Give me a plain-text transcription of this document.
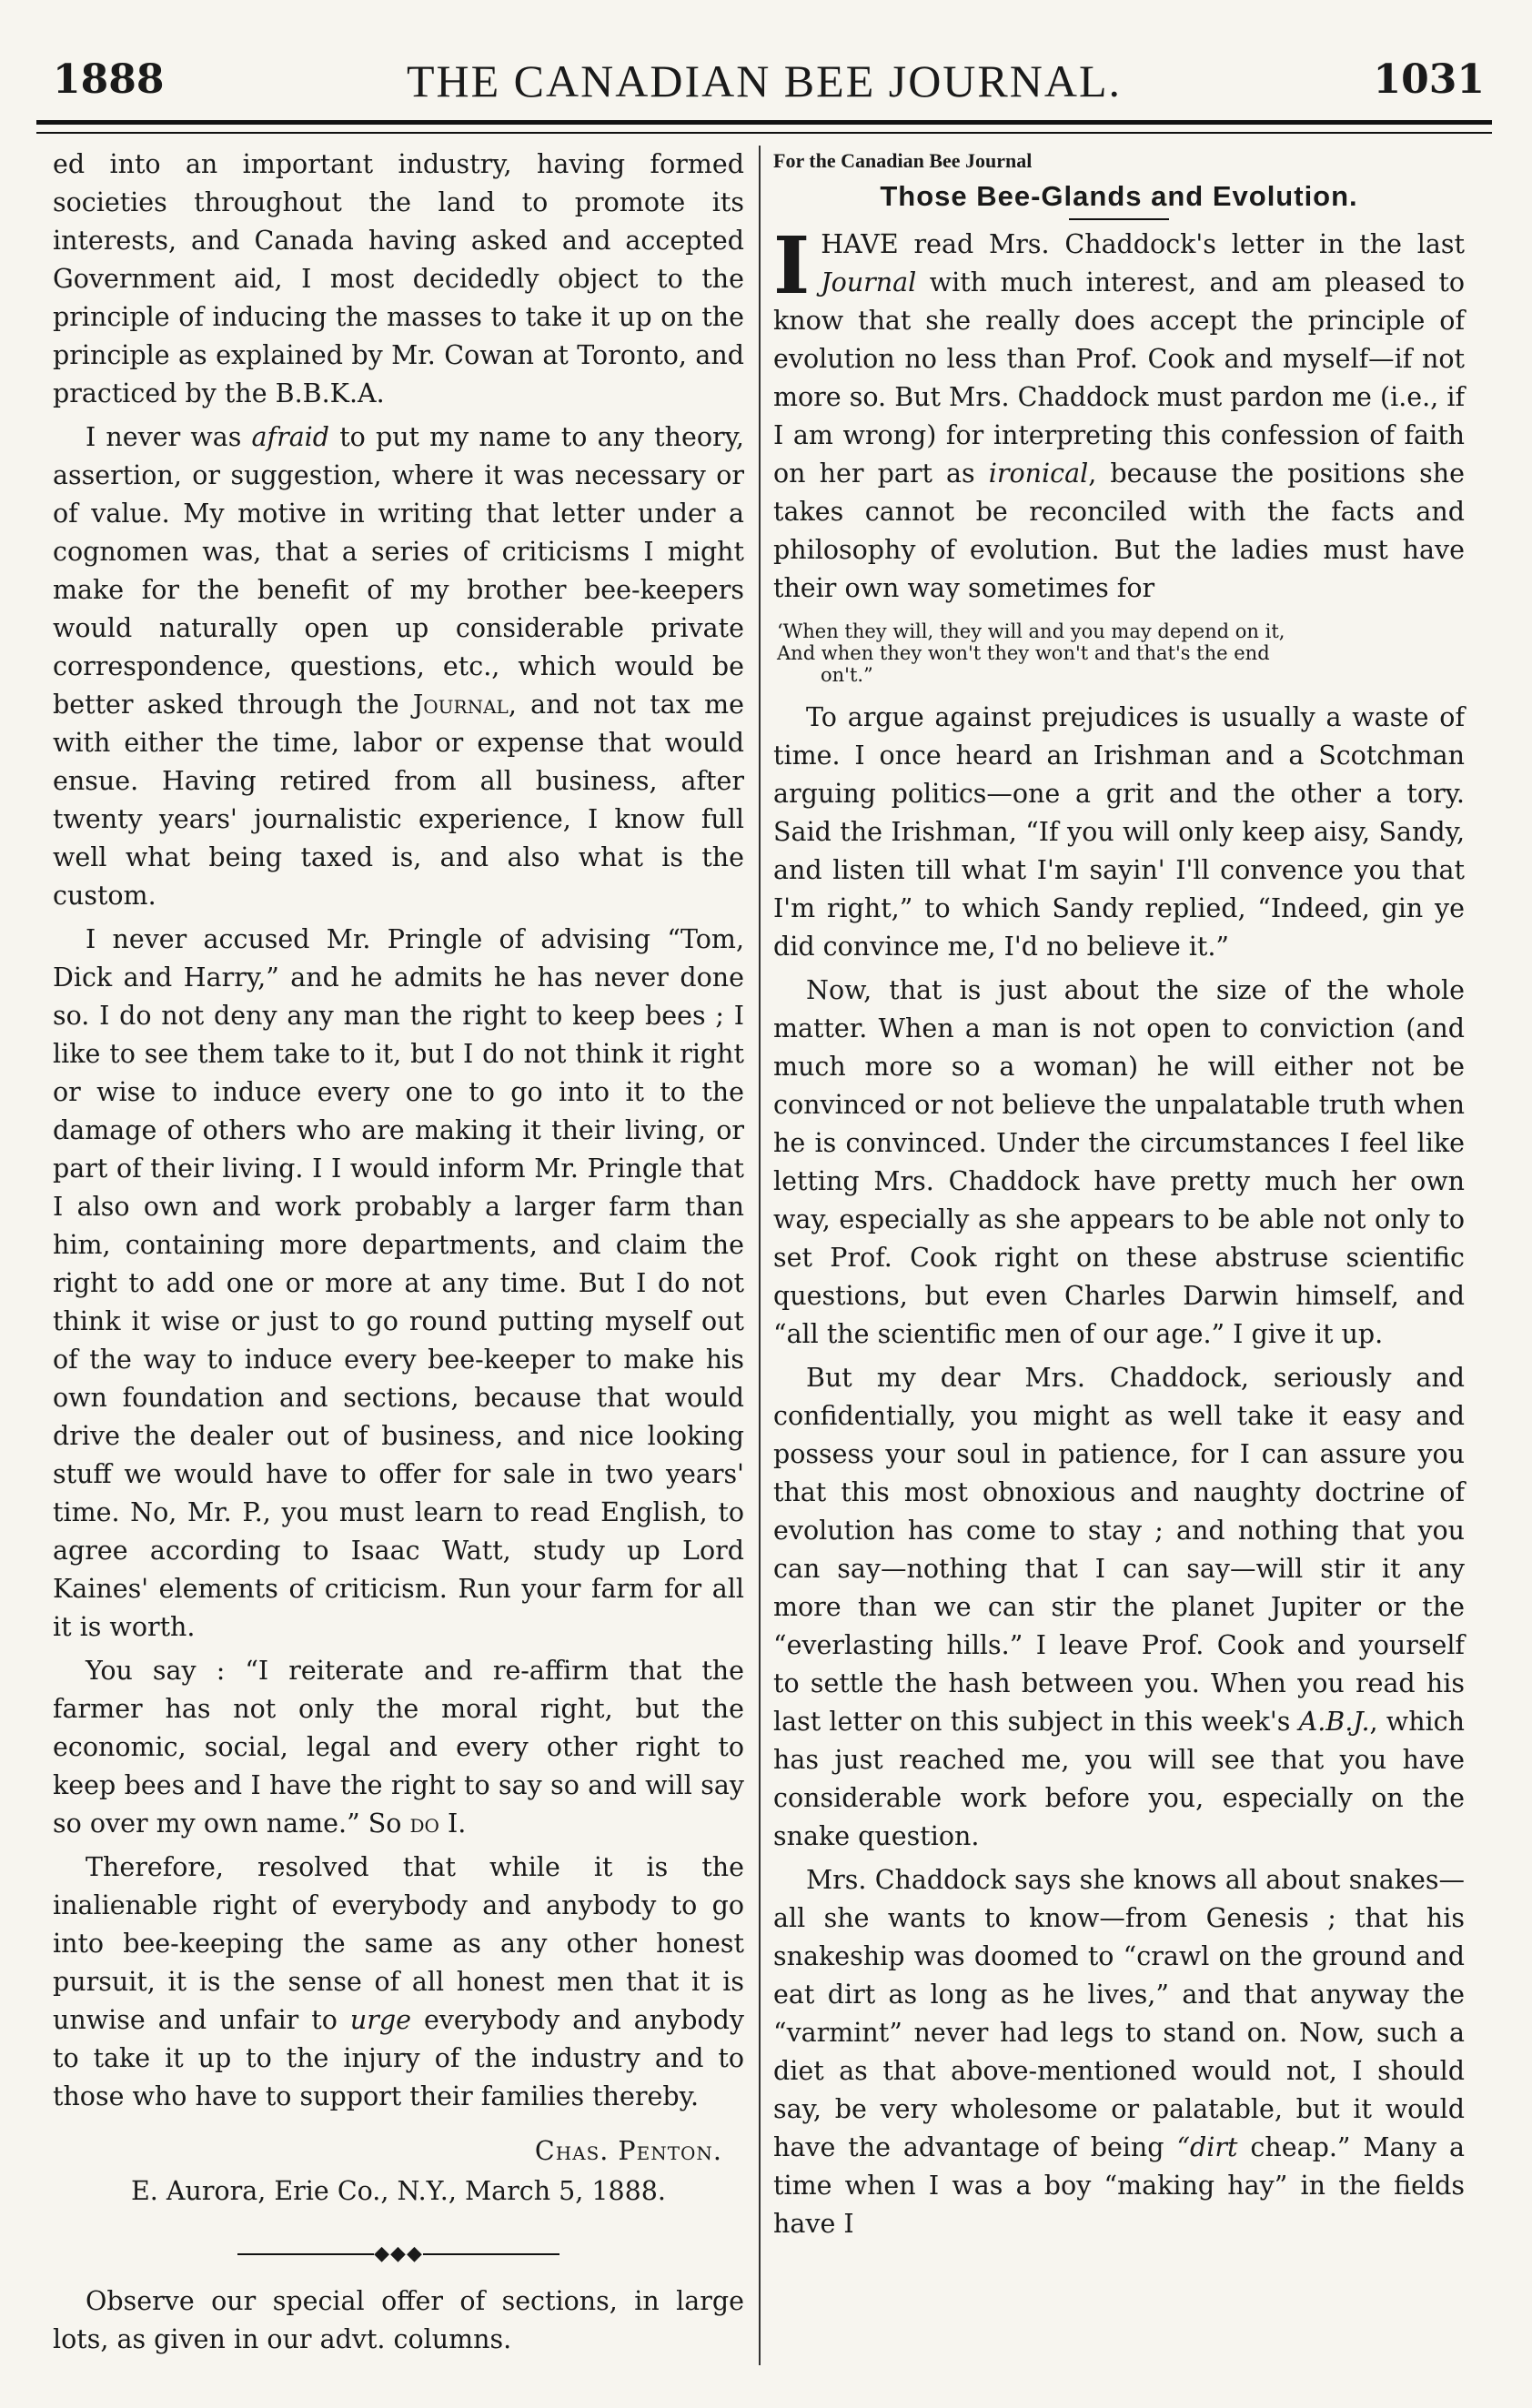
1888	THE CANADIAN BEE JOURNAL.	1031

ed into an important industry, having formed societies throughout the land to promote its interests, and Canada having asked and accepted Government aid, I most decidedly object to the principle of inducing the masses to take it up on the principle as explained by Mr. Cowan at Toronto, and practiced by the B.B.K.A.

I never was afraid to put my name to any theory, assertion, or suggestion, where it was necessary or of value. My motive in writing that letter under a cognomen was, that a series of criticisms I might make for the benefit of my brother bee-keepers would naturally open up considerable private correspondence, questions, etc., which would be better asked through the Journal, and not tax me with either the time, labor or expense that would ensue. Having retired from all business, after twenty years' journalistic experience, I know full well what being taxed is, and also what is the custom.

I never accused Mr. Pringle of advising “Tom, Dick and Harry,” and he admits he has never done so. I do not deny any man the right to keep bees ; I like to see them take to it, but I do not think it right or wise to induce every one to go into it to the damage of others who are making it their living, or part of their living. I I would inform Mr. Pringle that I also own and work probably a larger farm than him, containing more departments, and claim the right to add one or more at any time. But I do not think it wise or just to go round putting myself out of the way to induce every bee-keeper to make his own foundation and sections, because that would drive the dealer out of business, and nice looking stuff we would have to offer for sale in two years' time. No, Mr. P., you must learn to read English, to agree according to Isaac Watt, study up Lord Kaines' elements of criticism. Run your farm for all it is worth.

You say : “I reiterate and re-affirm that the farmer has not only the moral right, but the economic, social, legal and every other right to keep bees and I have the right to say so and will say so over my own name.” So do I.

Therefore, resolved that while it is the inalienable right of everybody and anybody to go into bee-keeping the same as any other honest pursuit, it is the sense of all honest men that it is unwise and unfair to urge everybody and anybody to take it up to the injury of the industry and to those who have to support their families thereby.

Chas. Penton.
E. Aurora, Erie Co., N.Y., March 5, 1888.
◆◆◆

Observe our special offer of sections, in large lots, as given in our advt. columns.

For the Canadian Bee Journal
Those Bee-Glands and Evolution.

IHAVE read Mrs. Chaddock's letter in the last Journal with much interest, and am pleased to know that she really does accept the principle of evolution no less than Prof. Cook and myself—if not more so. But Mrs. Chaddock must pardon me (i.e., if I am wrong) for interpreting this confession of faith on her part as ironical, because the positions she takes cannot be reconciled with the facts and philosophy of evolution. But the ladies must have their own way sometimes for

‘When they will, they will and you may depend on it,
And when they won't they won't and that's the end
on't.”

To argue against prejudices is usually a waste of time. I once heard an Irishman and a Scotchman arguing politics—one a grit and the other a tory. Said the Irishman, “If you will only keep aisy, Sandy, and listen till what I'm sayin' I'll convence you that I'm right,” to which Sandy replied, “Indeed, gin ye did convince me, I'd no believe it.”

Now, that is just about the size of the whole matter. When a man is not open to conviction (and much more so a woman) he will either not be convinced or not believe the unpalatable truth when he is convinced. Under the circumstances I feel like letting Mrs. Chaddock have pretty much her own way, especially as she appears to be able not only to set Prof. Cook right on these abstruse scientific questions, but even Charles Darwin himself, and “all the scientific men of our age.” I give it up.

But my dear Mrs. Chaddock, seriously and confidentially, you might as well take it easy and possess your soul in patience, for I can assure you that this most obnoxious and naughty doctrine of evolution has come to stay ; and nothing that you can say—nothing that I can say—will stir it any more than we can stir the planet Jupiter or the “everlasting hills.” I leave Prof. Cook and yourself to settle the hash between you. When you read his last letter on this subject in this week's A.B.J., which has just reached me, you will see that you have considerable work before you, especially on the snake question.

Mrs. Chaddock says she knows all about snakes—all she wants to know—from Genesis ; that his snakeship was doomed to “crawl on the ground and eat dirt as long as he lives,” and that anyway the “varmint” never had legs to stand on. Now, such a diet as that above-mentioned would not, I should say, be very wholesome or palatable, but it would have the advantage of being “dirt cheap.” Many a time when I was a boy “making hay” in the fields have I
